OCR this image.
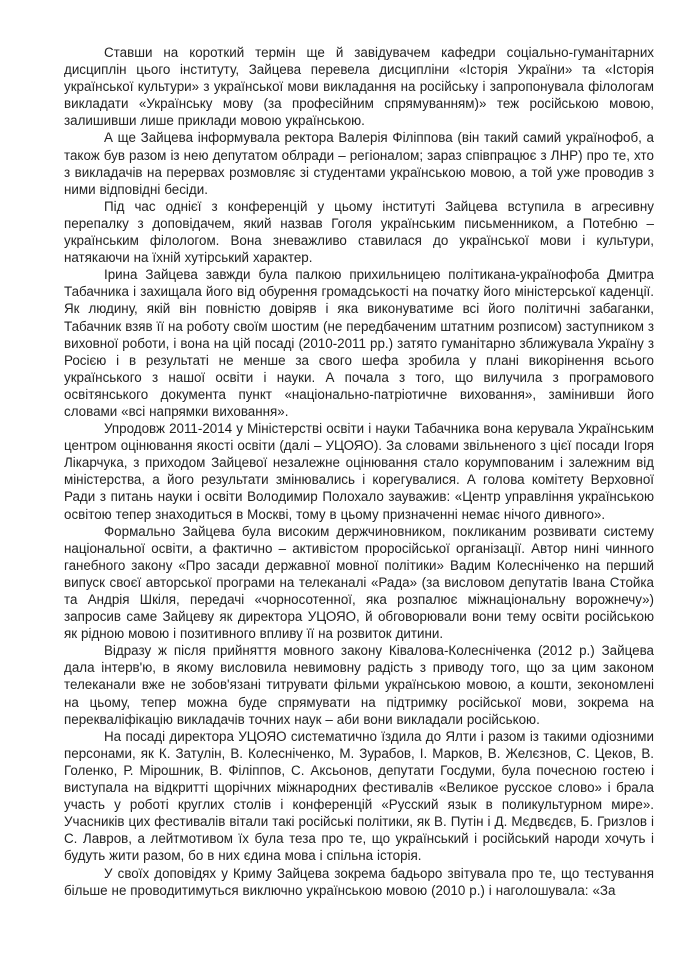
Ставши на короткий термін ще й завідувачем кафедри соціально-гуманітарних дисциплін цього інституту, Зайцева перевела дисципліни «Історія України» та «Історія української культури» з української мови викладання на російську і запропонувала філологам викладати «Українську мову (за професійним спрямуванням)» теж російською мовою, залишивши лише приклади мовою українською.

А ще Зайцева інформувала ректора Валерія Філіппова (він такий самий українофоб, а також був разом із нею депутатом облради – регіоналом; зараз співпрацює з ЛНР) про те, хто з викладачів на перервах розмовляє зі студентами українською мовою, а той уже проводив з ними відповідні бесіди.

Під час однієї з конференцій у цьому інституті Зайцева вступила в агресивну перепалку з доповідачем, який назвав Гоголя українським письменником, а Потебню – українським філологом. Вона зневажливо ставилася до української мови і культури, натякаючи на їхній хутірський характер.

Ірина Зайцева завжди була палкою прихильницею політикана-українофоба Дмитра Табачника і захищала його від обурення громадськості на початку його міністерської каденції. Як людину, якій він повністю довіряв і яка виконуватиме всі його політичні забаганки, Табачник взяв її на роботу своїм шостим (не передбаченим штатним розписом) заступником з виховної роботи, і вона на цій посаді (2010-2011 рр.) затято гуманітарно зближувала Україну з Росією і в результаті не менше за свого шефа зробила у плані викорінення всього українського з нашої освіти і науки. А почала з того, що вилучила з програмового освітянського документа пункт «національно-патріотичне виховання», замінивши його словами «всі напрямки виховання».

Упродовж 2011-2014 у Міністерстві освіти і науки Табачника вона керувала Українським центром оцінювання якості освіти (далі – УЦОЯО). За словами звільненого з цієї посади Ігоря Лікарчука, з приходом Зайцевої незалежне оцінювання стало корумпованим і залежним від міністерства, а його результати змінювались і корегувалися. А голова комітету Верховної Ради з питань науки і освіти Володимир Полохало зауважив: «Центр управління українською освітою тепер знаходиться в Москві, тому в цьому призначенні немає нічого дивного».

Формально Зайцева була високим держчиновником, покликаним розвивати систему національної освіти, а фактично – активістом проросійської організації. Автор нині чинного ганебного закону «Про засади державної мовної політики» Вадим Колесніченко на перший випуск своєї авторської програми на телеканалі «Рада» (за висловом депутатів Івана Стойка та Андрія Шкіля, передачі «чорносотенної, яка розпалює міжнаціональну ворожнечу») запросив саме Зайцеву як директора УЦОЯО, й обговорювали вони тему освіти російською як рідною мовою і позитивного впливу її на розвиток дитини.

Відразу ж після прийняття мовного закону Ківалова-Колесніченка (2012 р.) Зайцева дала інтерв'ю, в якому висловила невимовну радість з приводу того, що за цим законом телеканали вже не зобов'язані титрувати фільми українською мовою, а кошти, зекономлені на цьому, тепер можна буде спрямувати на підтримку російської мови, зокрема на перекваліфікацію викладачів точних наук – аби вони викладали російською.

На посаді директора УЦОЯО систематично їздила до Ялти і разом із такими одіозними персонами, як К. Затулін, В. Колесніченко, М. Зурабов, І. Марков, В. Желєзнов, С. Цеков, В. Голенко, Р. Мірошник, В. Філіппов, С. Аксьонов, депутати Госдуми, була почесною гостею і виступала на відкритті щорічних міжнародних фестивалів «Великое русское слово» і брала участь у роботі круглих столів і конференцій «Русский язык в поликультурном мире». Учасників цих фестивалів вітали такі російські політики, як В. Путін і Д. Мєдвєдєв, Б. Гризлов і С. Лавров, а лейтмотивом їх була теза про те, що український і російський народи хочуть і будуть жити разом, бо в них єдина мова і спільна історія.

У своїх доповідях у Криму Зайцева зокрема бадьоро звітувала про те, що тестування більше не проводитимуться виключно українською мовою (2010 р.) і наголошувала: «За
